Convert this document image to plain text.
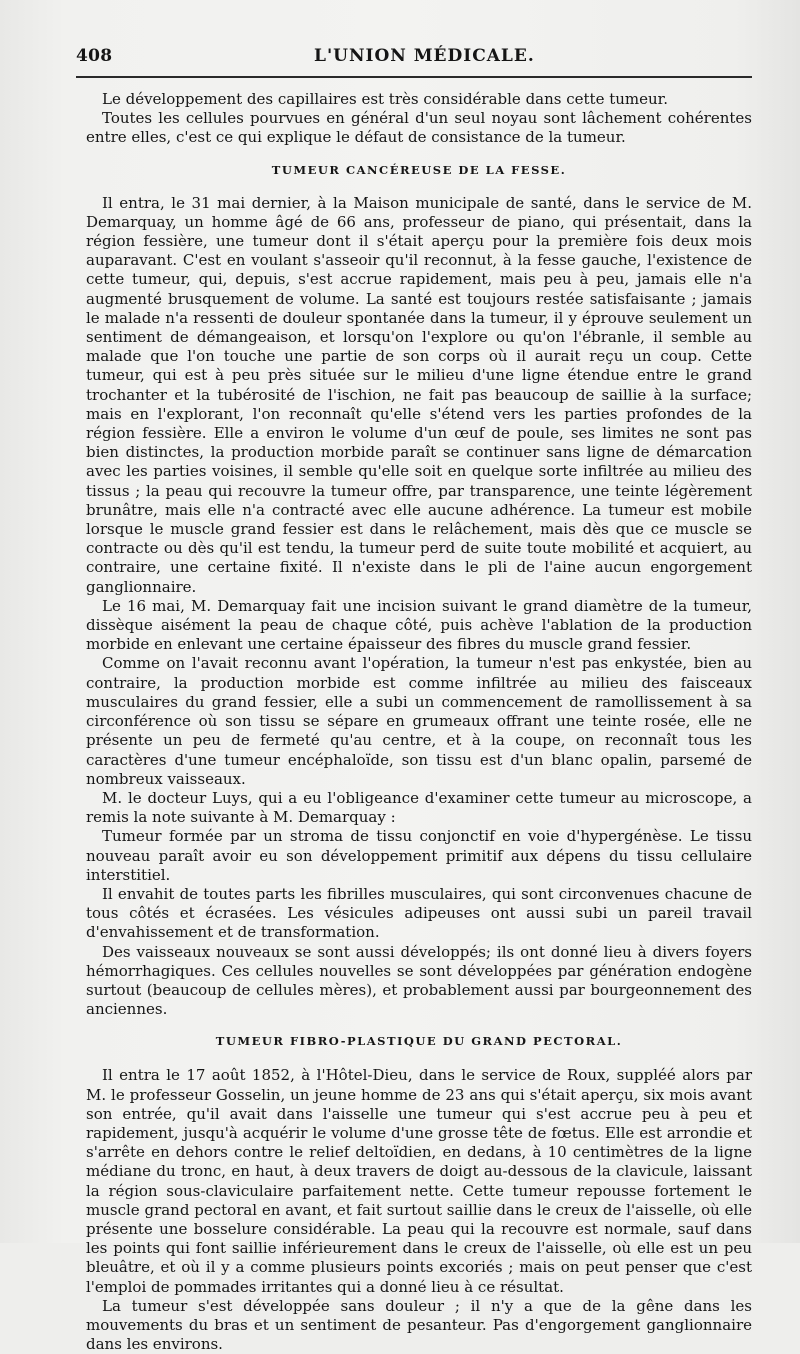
408	L'UNION MÉDICALE.

Le développement des capillaires est très considérable dans cette tumeur.

Toutes les cellules pourvues en général d'un seul noyau sont lâchement cohérentes entre elles, c'est ce qui explique le défaut de consistance de la tumeur.

TUMEUR CANCÉREUSE DE LA FESSE.

Il entra, le 31 mai dernier, à la Maison municipale de santé, dans le service de M. Demarquay, un homme âgé de 66 ans, professeur de piano, qui présentait, dans la région fessière, une tumeur dont il s'était aperçu pour la première fois deux mois auparavant. C'est en voulant s'asseoir qu'il reconnut, à la fesse gauche, l'existence de cette tumeur, qui, depuis, s'est accrue rapidement, mais peu à peu, jamais elle n'a augmenté brusquement de volume. La santé est toujours restée satisfaisante ; jamais le malade n'a ressenti de douleur spontanée dans la tumeur, il y éprouve seulement un sentiment de démangeaison, et lorsqu'on l'explore ou qu'on l'ébranle, il semble au malade que l'on touche une partie de son corps où il aurait reçu un coup. Cette tumeur, qui est à peu près située sur le milieu d'une ligne étendue entre le grand trochanter et la tubérosité de l'ischion, ne fait pas beaucoup de saillie à la surface; mais en l'explorant, l'on reconnaît qu'elle s'étend vers les parties profondes de la région fessière. Elle a environ le volume d'un œuf de poule, ses limites ne sont pas bien distinctes, la production morbide paraît se continuer sans ligne de démarcation avec les parties voisines, il semble qu'elle soit en quelque sorte infiltrée au milieu des tissus ; la peau qui recouvre la tumeur offre, par transparence, une teinte légèrement brunâtre, mais elle n'a contracté avec elle aucune adhérence. La tumeur est mobile lorsque le muscle grand fessier est dans le relâchement, mais dès que ce muscle se contracte ou dès qu'il est tendu, la tumeur perd de suite toute mobilité et acquiert, au contraire, une certaine fixité. Il n'existe dans le pli de l'aine aucun engorgement ganglionnaire.

Le 16 mai, M. Demarquay fait une incision suivant le grand diamètre de la tumeur, dissèque aisément la peau de chaque côté, puis achève l'ablation de la production morbide en enlevant une certaine épaisseur des fibres du muscle grand fessier.

Comme on l'avait reconnu avant l'opération, la tumeur n'est pas enkystée, bien au contraire, la production morbide est comme infiltrée au milieu des faisceaux musculaires du grand fessier, elle a subi un commencement de ramollissement à sa circonférence où son tissu se sépare en grumeaux offrant une teinte rosée, elle ne présente un peu de fermeté qu'au centre, et à la coupe, on reconnaît tous les caractères d'une tumeur encéphaloïde, son tissu est d'un blanc opalin, parsemé de nombreux vaisseaux.

M. le docteur Luys, qui a eu l'obligeance d'examiner cette tumeur au microscope, a remis la note suivante à M. Demarquay :

Tumeur formée par un stroma de tissu conjonctif en voie d'hypergénèse. Le tissu nouveau paraît avoir eu son développement primitif aux dépens du tissu cellulaire interstitiel.

Il envahit de toutes parts les fibrilles musculaires, qui sont circonvenues chacune de tous côtés et écrasées. Les vésicules adipeuses ont aussi subi un pareil travail d'envahissement et de transformation.

Des vaisseaux nouveaux se sont aussi développés; ils ont donné lieu à divers foyers hémorrhagiques. Ces cellules nouvelles se sont développées par génération endogène surtout (beaucoup de cellules mères), et probablement aussi par bourgeonnement des anciennes.

TUMEUR FIBRO-PLASTIQUE DU GRAND PECTORAL.

Il entra le 17 août 1852, à l'Hôtel-Dieu, dans le service de Roux, suppléé alors par M. le professeur Gosselin, un jeune homme de 23 ans qui s'était aperçu, six mois avant son entrée, qu'il avait dans l'aisselle une tumeur qui s'est accrue peu à peu et rapidement, jusqu'à acquérir le volume d'une grosse tête de fœtus. Elle est arrondie et s'arrête en dehors contre le relief deltoïdien, en dedans, à 10 centimètres de la ligne médiane du tronc, en haut, à deux travers de doigt au-dessous de la clavicule, laissant la région sous-claviculaire parfaitement nette. Cette tumeur repousse fortement le muscle grand pectoral en avant, et fait surtout saillie dans le creux de l'aisselle, où elle présente une bosselure considérable. La peau qui la recouvre est normale, sauf dans les points qui font saillie inférieurement dans le creux de l'aisselle, où elle est un peu bleuâtre, et où il y a comme plusieurs points excoriés ; mais on peut penser que c'est l'emploi de pommades irritantes qui a donné lieu à ce résultat.

La tumeur s'est développée sans douleur ; il n'y a que de la gêne dans les mouvements du bras et un sentiment de pesanteur. Pas d'engorgement ganglionnaire dans les environs.
